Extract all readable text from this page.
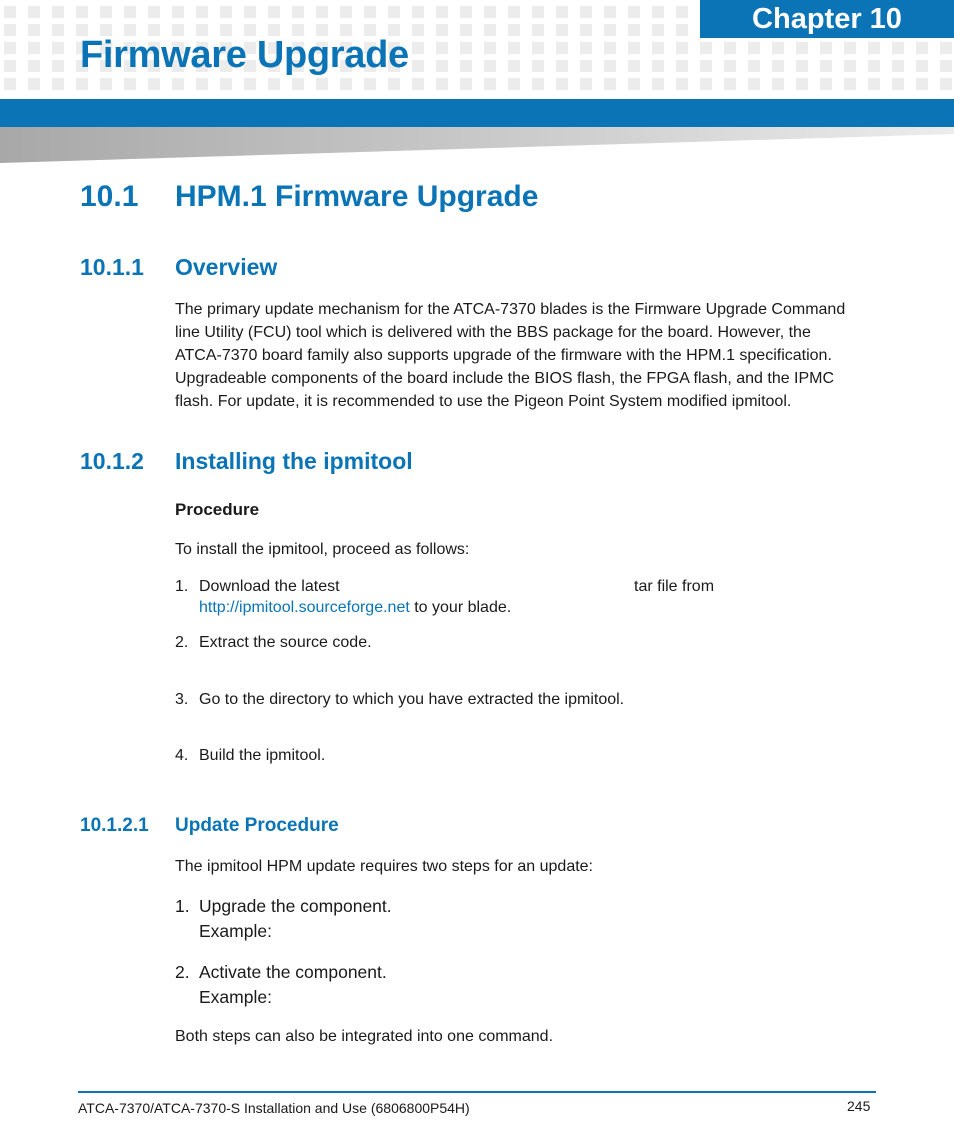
Chapter 10
Firmware Upgrade
10.1 HPM.1 Firmware Upgrade
10.1.1 Overview
The primary update mechanism for the ATCA-7370 blades is the Firmware Upgrade Command
line Utility (FCU) tool which is delivered with the BBS package for the board. However, the
ATCA-7370 board family also supports upgrade of the firmware with the HPM.1 specification.
Upgradeable components of the board include the BIOS flash, the FPGA flash, and the IPMC
flash. For update, it is recommended to use the Pigeon Point System modified ipmitool.
10.1.2 Installing the ipmitool
Procedure
To install the ipmitool, proceed as follows:
1. Download the latest	tar file from

http://ipmitool.sourceforge.net to your blade.
2. Extract the source code.
3. Go to the directory to which you have extracted the ipmitool.
4. Build the ipmitool.
10.1.2.1 Update Procedure
The ipmitool HPM update requires two steps for an update:
1. Upgrade the component.
Example:
2. Activate the component.
Example:
Both steps can also be integrated into one command.
ATCA-7370/ATCA-7370-S Installation and Use (6806800P54H)	245
